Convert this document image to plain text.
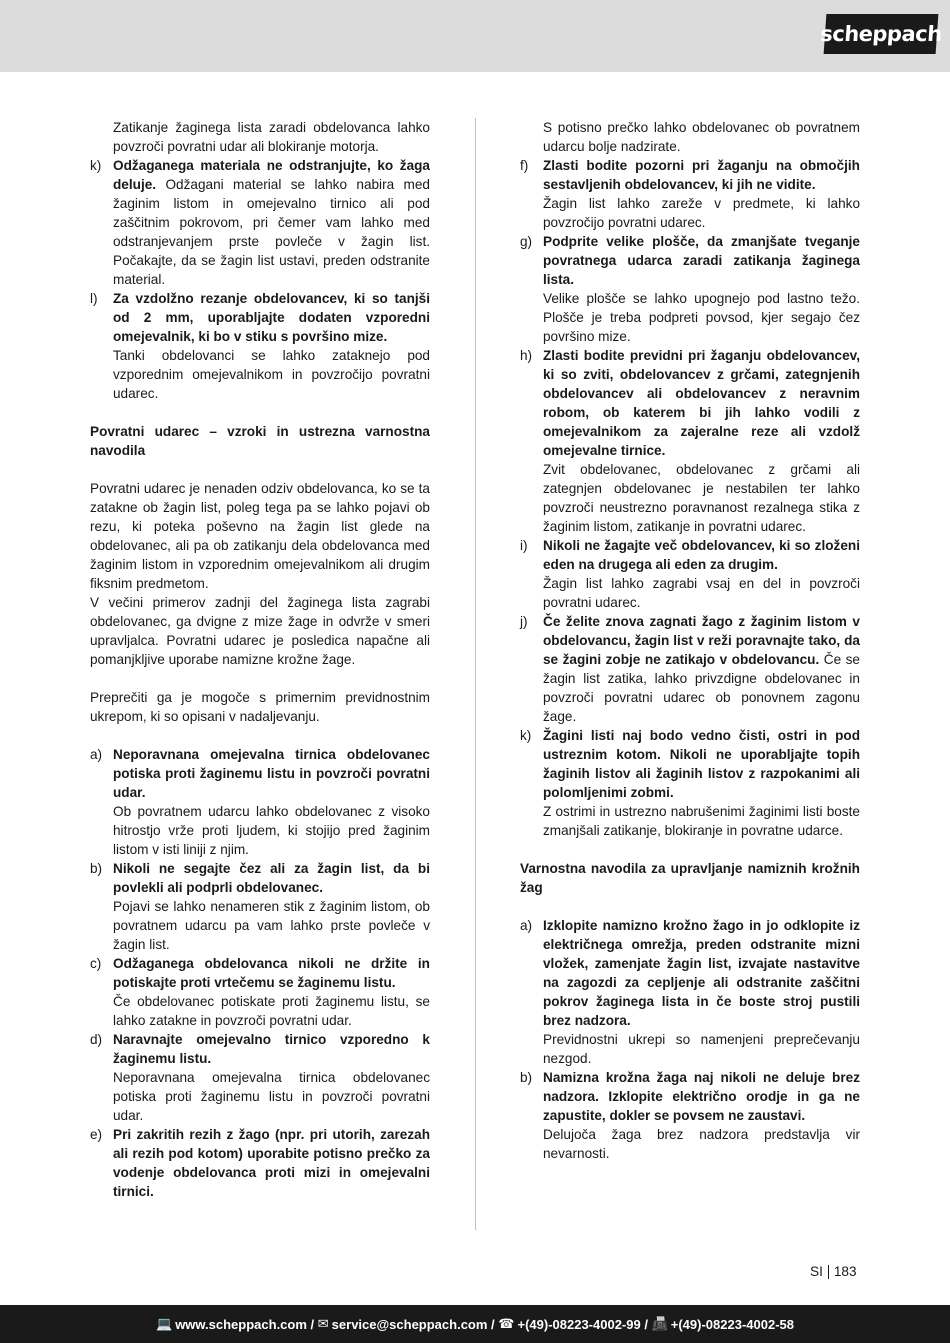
scheppach

Zatikanje žaginega lista zaradi obdelovanca lahko povzroči povratni udar ali blokiranje motorja.

k) Odžaganega materiala ne odstranjujte, ko žaga deluje. Odžagani material se lahko nabira med žaginim listom in omejevalno tirnico ali pod zaščitnim pokrovom, pri čemer vam lahko med odstranjevanjem prste povleče v žagin list. Počakajte, da se žagin list ustavi, preden odstranite material.

l) Za vzdolžno rezanje obdelovancev, ki so tanjši od 2 mm, uporabljajte dodaten vzporedni omejevalnik, ki bo v stiku s površino mize.

Tanki obdelovanci se lahko zataknejo pod vzporednim omejevalnikom in povzročijo povratni udarec.

Povratni udarec – vzroki in ustrezna varnostna navodila

Povratni udarec je nenaden odziv obdelovanca, ko se ta zatakne ob žagin list, poleg tega pa se lahko pojavi ob rezu, ki poteka poševno na žagin list glede na obdelovanec, ali pa ob zatikanju dela obdelovanca med žaginim listom in vzporednim omejevalnikom ali drugim fiksnim predmetom.

V večini primerov zadnji del žaginega lista zagrabi obdelovanec, ga dvigne z mize žage in odvrže v smeri upravljalca. Povratni udarec je posledica napačne ali pomanjkljive uporabe namizne krožne žage.

Preprečiti ga je mogoče s primernim previdnostnim ukrepom, ki so opisani v nadaljevanju.

a) Neporavnana omejevalna tirnica obdelovanec potiska proti žaginemu listu in povzroči povratni udar.

Ob povratnem udarcu lahko obdelovanec z visoko hitrostjo vrže proti ljudem, ki stojijo pred žaginim listom v isti liniji z njim.

b) Nikoli ne segajte čez ali za žagin list, da bi povlekli ali podprli obdelovanec.

Pojavi se lahko nenameren stik z žaginim listom, ob povratnem udarcu pa vam lahko prste povleče v žagin list.

c) Odžaganega obdelovanca nikoli ne držite in potiskajte proti vrtečemu se žaginemu listu.

Če obdelovanec potiskate proti žaginemu listu, se lahko zatakne in povzroči povratni udar.

d) Naravnajte omejevalno tirnico vzporedno k žaginemu listu.

Neporavnana omejevalna tirnica obdelovanec potiska proti žaginemu listu in povzroči povratni udar.

e) Pri zakritih rezih z žago (npr. pri utorih, zarezah ali rezih pod kotom) uporabite potisno prečko za vodenje obdelovanca proti mizi in omejevalni tirnici.

S potisno prečko lahko obdelovanec ob povratnem udarcu bolje nadzirate.

f) Zlasti bodite pozorni pri žaganju na območjih sestavljenih obdelovancev, ki jih ne vidite.

Žagin list lahko zareže v predmete, ki lahko povzročijo povratni udarec.

g) Podprite velike plošče, da zmanjšate tveganje povratnega udarca zaradi zatikanja žaginega lista.

Velike plošče se lahko upognejo pod lastno težo. Plošče je treba podpreti povsod, kjer segajo čez površino mize.

h) Zlasti bodite previdni pri žaganju obdelovancev, ki so zviti, obdelovancev z grčami, zategnjenih obdelovancev ali obdelovancev z neravnim robom, ob katerem bi jih lahko vodili z omejevalnikom za zajeralne reze ali vzdolž omejevalne tirnice.

Zvit obdelovanec, obdelovanec z grčami ali zategnjen obdelovanec je nestabilen ter lahko povzroči neustrezno poravnanost rezalnega stika z žaginim listom, zatikanje in povratni udarec.

i) Nikoli ne žagajte več obdelovancev, ki so zloženi eden na drugega ali eden za drugim.

Žagin list lahko zagrabi vsaj en del in povzroči povratni udarec.

j) Če želite znova zagnati žago z žaginim listom v obdelovancu, žagin list v reži poravnajte tako, da se žagini zobje ne zatikajo v obdelovancu. Če se žagin list zatika, lahko privzdigne obdelovanec in povzroči povratni udarec ob ponovnem zagonu žage.

k) Žagini listi naj bodo vedno čisti, ostri in pod ustreznim kotom. Nikoli ne uporabljajte topih žaginih listov ali žaginih listov z razpokanimi ali polomljenimi zobmi.

Z ostrimi in ustrezno nabrušenimi žaginimi listi boste zmanjšali zatikanje, blokiranje in povratne udarce.

Varnostna navodila za upravljanje namiznih krožnih žag

a) Izklopite namizno krožno žago in jo odklopite iz električnega omrežja, preden odstranite mizni vložek, zamenjate žagin list, izvajate nastavitve na zagozdi za cepljenje ali odstranite zaščitni pokrov žaginega lista in če boste stroj pustili brez nadzora.

Previdnostni ukrepi so namenjeni preprečevanju nezgod.

b) Namizna krožna žaga naj nikoli ne deluje brez nadzora. Izklopite električno orodje in ga ne zapustite, dokler se povsem ne zaustavi.

Delujoča žaga brez nadzora predstavlja vir nevarnosti.

SI 183
💻 www.scheppach.com /
✉ service@scheppach.com /
☎ +(49)-08223-4002-99 /
📠 +(49)-08223-4002-58
